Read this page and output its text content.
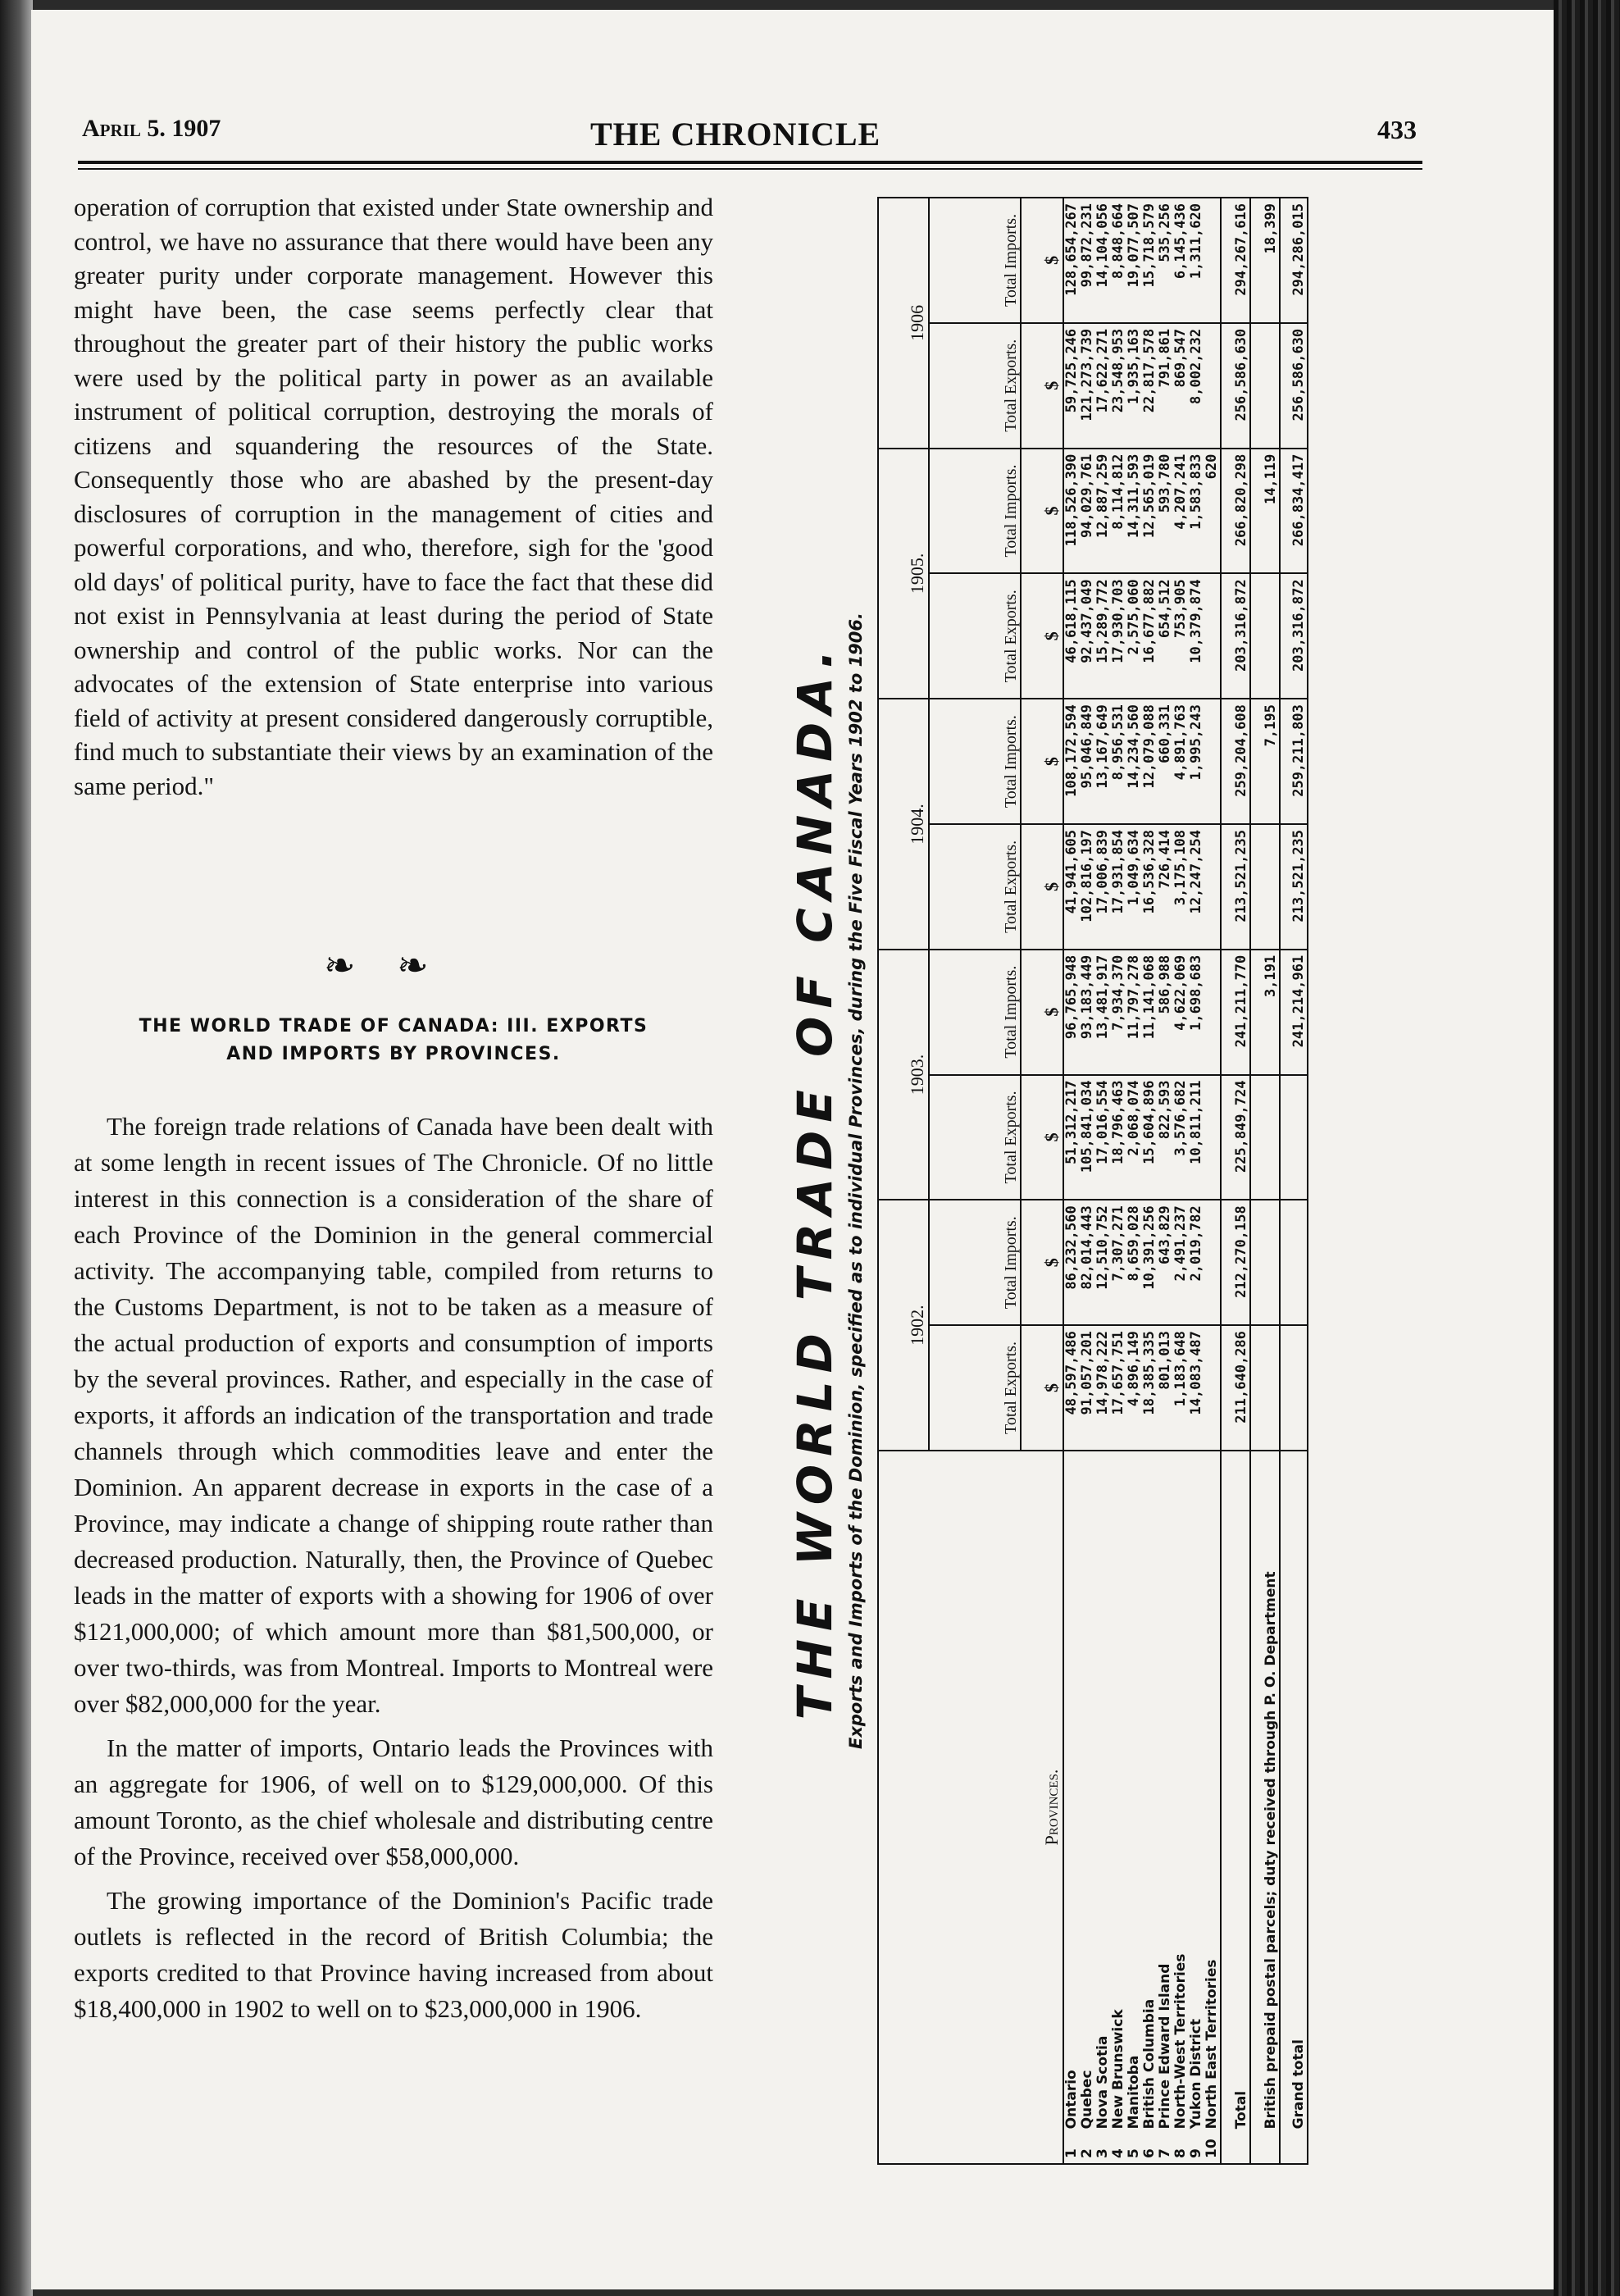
April 5. 1907	THE CHRONICLE	433

operation of corruption that existed under State ownership and control, we have no assurance that there would have been any greater purity under corporate management. However this might have been, the case seems perfectly clear that throughout the greater part of their history the public works were used by the political party in power as an available instrument of political corruption, destroying the morals of citizens and squandering the resources of the State. Consequently those who are abashed by the present-day disclosures of corruption in the management of cities and powerful corporations, and who, therefore, sigh for the 'good old days' of political purity, have to face the fact that these did not exist in Pennsylvania at least during the period of State ownership and control of the public works. Nor can the advocates of the extension of State enterprise into various field of activity at present considered dangerously corruptible, find much to substantiate their views by an examination of the same period."

❧ ❧
THE WORLD TRADE OF CANADA: III. EXPORTS
AND IMPORTS BY PROVINCES.

The foreign trade relations of Canada have been dealt with at some length in recent issues of The Chronicle. Of no little interest in this connection is a consideration of the share of each Province of the Dominion in the general commercial activity. The accompanying table, compiled from returns to the Customs Department, is not to be taken as a measure of the actual production of exports and consumption of imports by the several provinces. Rather, and especially in the case of exports, it affords an indication of the transportation and trade channels through which commodities leave and enter the Dominion. An apparent decrease in exports in the case of a Province, may indicate a change of shipping route rather than decreased production. Naturally, then, the Province of Quebec leads in the matter of exports with a showing for 1906 of over $121,000,000; of which amount more than $81,500,000, or over two-thirds, was from Montreal. Imports to Montreal were over $82,000,000 for the year.

In the matter of imports, Ontario leads the Provinces with an aggregate for 1906, of well on to $129,000,000. Of this amount Toronto, as the chief wholesale and distributing centre of the Province, received over $58,000,000.

The growing importance of the Dominion's Pacific trade outlets is reflected in the record of British Columbia; the exports credited to that Province having increased from about $18,400,000 in 1902 to well on to $23,000,000 in 1906.

THE WORLD TRADE OF CANADA. Exports and Imports of the Dominion, specified as to individual Provinces, during the Five Fiscal Years 1902 to 1906.
Provinces.		1902.		1903.		1904.		1905.		1906	
		Total Exports.	Total Imports.	Total Exports.	Total Imports.	Total Exports.	Total Imports.	Total Exports.	Total Imports.	Total Exports.	Total Imports.
		$	$	$	$	$	$	$	$	$	$
1	Ontario	48,597,486	86,232,560	51,312,217	96,765,948	41,941,605	108,172,594	46,618,115	118,526,390	59,725,246	128,654,267
2	Quebec	91,057,201	82,014,443	105,841,034	93,183,449	102,816,197	95,046,849	92,437,049	94,029,761	121,273,739	99,872,231
3	Nova Scotia	14,978,222	12,510,752	17,016,554	13,481,917	17,006,839	13,167,649	15,289,772	12,887,259	17,622,271	14,104,056
4	New Brunswick	17,657,751	7,307,271	18,796,463	7,934,370	17,931,854	8,956,531	17,930,703	8,114,812	23,548,953	8,848,664
5	Manitoba	4,896,149	8,659,028	2,068,074	11,797,278	1,049,634	14,234,560	2,575,060	14,311,593	1,935,163	19,077,507
6	British Columbia	18,385,335	10,391,256	15,604,896	11,141,068	16,536,328	12,079,088	16,677,882	12,565,019	22,817,578	15,718,579
7	Prince Edward Island	801,013	643,829	822,593	586,988	726,414	660,331	654,512	593,780	791,861	535,256
8	North-West Territories	1,183,648	2,491,237	3,576,682	4,622,069	3,175,108	4,891,763	753,905	4,207,241	869,547	6,145,436
9	Yukon District	14,083,487	2,019,782	10,811,211	1,698,683	12,247,254	1,995,243	10,379,874	1,583,833	8,002,232	1,311,620
10	North East Territories								620		
	Total	211,640,286	212,270,158	225,849,724	241,211,770	213,521,235	259,204,608	203,316,872	266,820,298	256,586,630	294,267,616
	British prepaid postal parcels; duty received through P. O. Department				3,191		7,195		14,119		18,399
	Grand total				241,214,961	213,521,235	259,211,803	203,316,872	266,834,417	256,586,630	294,286,015
